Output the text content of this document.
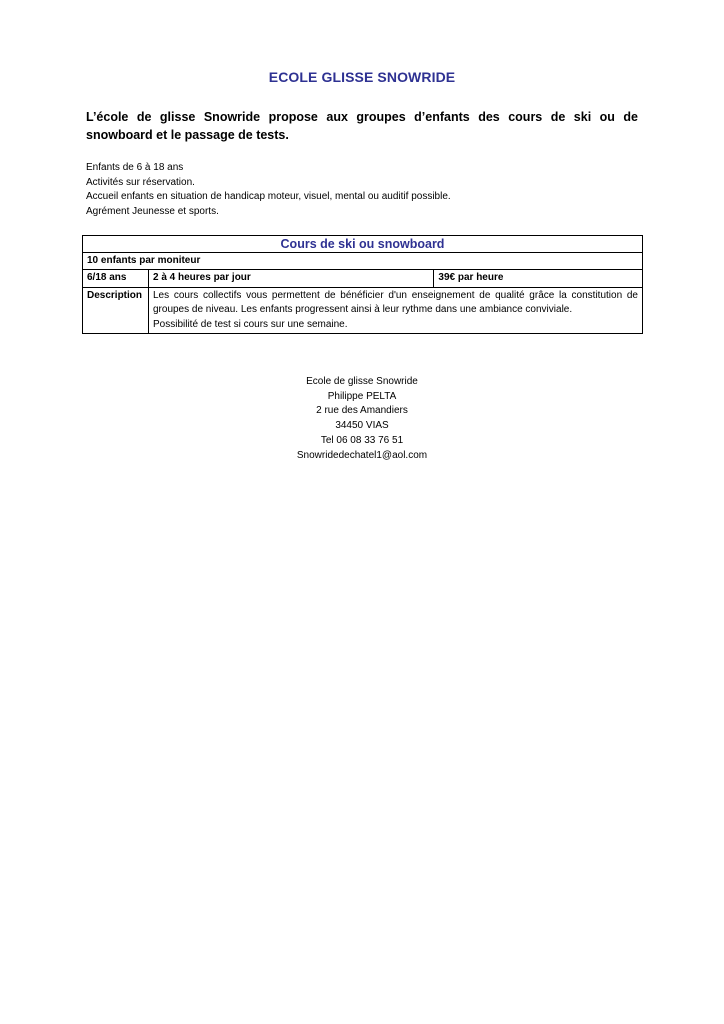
ECOLE GLISSE SNOWRIDE
L’école de glisse Snowride propose aux groupes d’enfants des cours de ski ou de snowboard et le passage de tests.
Enfants de 6 à 18 ans
Activités sur réservation.
Accueil enfants en situation de handicap moteur, visuel, mental ou auditif possible.
Agrément Jeunesse et sports.
Cours de ski ou snowboard		
10 enfants par moniteur		
6/18 ans	2 à 4 heures par jour	39€ par heure
Description	Les cours collectifs vous permettent de bénéficier d'un enseignement de qualité grâce la constitution de groupes de niveau. Les enfants progressent ainsi à leur rythme dans une ambiance conviviale.
Possibilité de test si cours sur une semaine.	
Ecole de glisse Snowride
Philippe PELTA
2 rue des Amandiers
34450 VIAS
Tel 06 08 33 76 51
Snowridedechatel1@aol.com
